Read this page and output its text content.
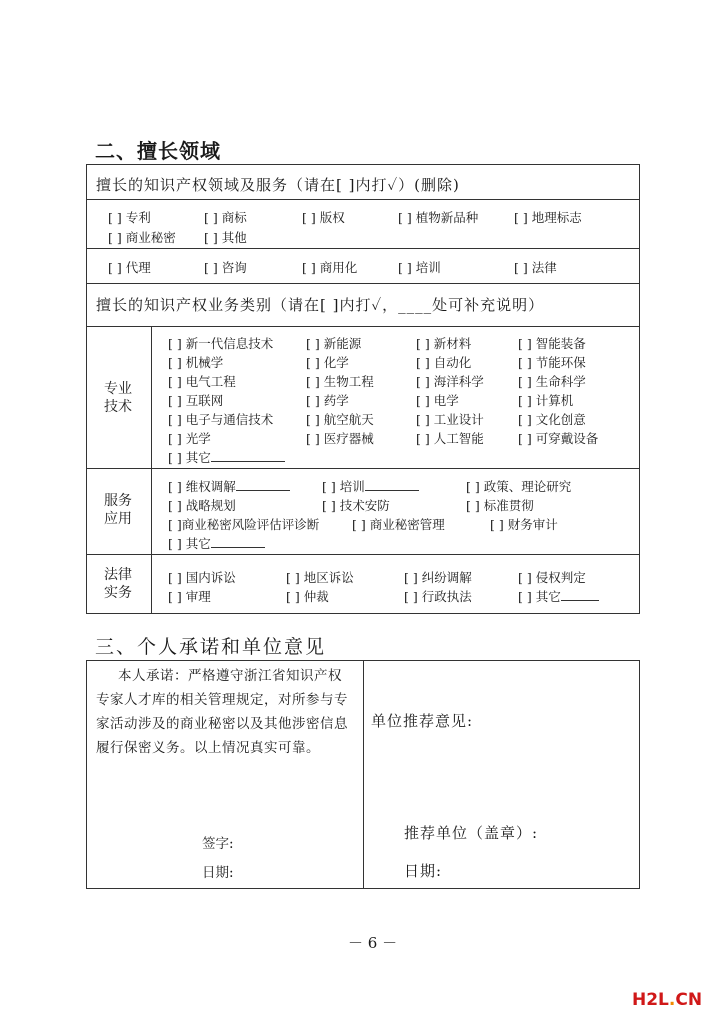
二、擅长领域
擅长的知识产权领域及服务（请在[ ]内打✓）(删除)
[ ] 专利	[ ] 商标	[ ] 版权	[ ] 植物新品种	[ ] 地理标志
[ ] 商业秘密 [ ] 其他
[ ] 代理	[ ] 咨询	[ ] 商用化	[ ] 培训	[ ] 法律
擅长的知识产权业务类别（请在[ ]内打✓，____处可补充说明）
专业技术
[ ] 新一代信息技术	[ ] 新能源	[ ] 新材料	[ ] 智能装备
[ ] 机械学	[ ] 化学	[ ] 自动化	[ ] 节能环保
[ ] 电气工程	[ ] 生物工程	[ ] 海洋科学	[ ] 生命科学
[ ] 互联网	[ ] 药学	[ ] 电学	[ ] 计算机
[ ] 电子与通信技术	[ ] 航空航天	[ ] 工业设计	[ ] 文化创意
[ ] 光学	[ ] 医疗器械	[ ] 人工智能	[ ] 可穿戴设备
[ ] 其它
服务应用
[ ] 维权调解	[ ] 培训	[ ] 政策、理论研究
[ ] 战略规划	[ ] 技术安防	[ ] 标准贯彻
[ ]商业秘密风险评估评诊断	[ ] 商业秘密管理	[ ] 财务审计
[ ] 其它
法律实务
[ ] 国内诉讼	[ ] 地区诉讼	[ ] 纠纷调解	[ ] 侵权判定
[ ] 审理	[ ] 仲裁	[ ] 行政执法	[ ] 其它
三、个人承诺和单位意见
本人承诺：严格遵守浙江省知识产权
专家人才库的相关管理规定，对所参与专
家活动涉及的商业秘密以及其他涉密信息
履行保密义务。以上情况真实可靠。
签字:
日期:
单位推荐意见:
推荐单位（盖章）:
日期:
－ 6 －
H2L.CN
